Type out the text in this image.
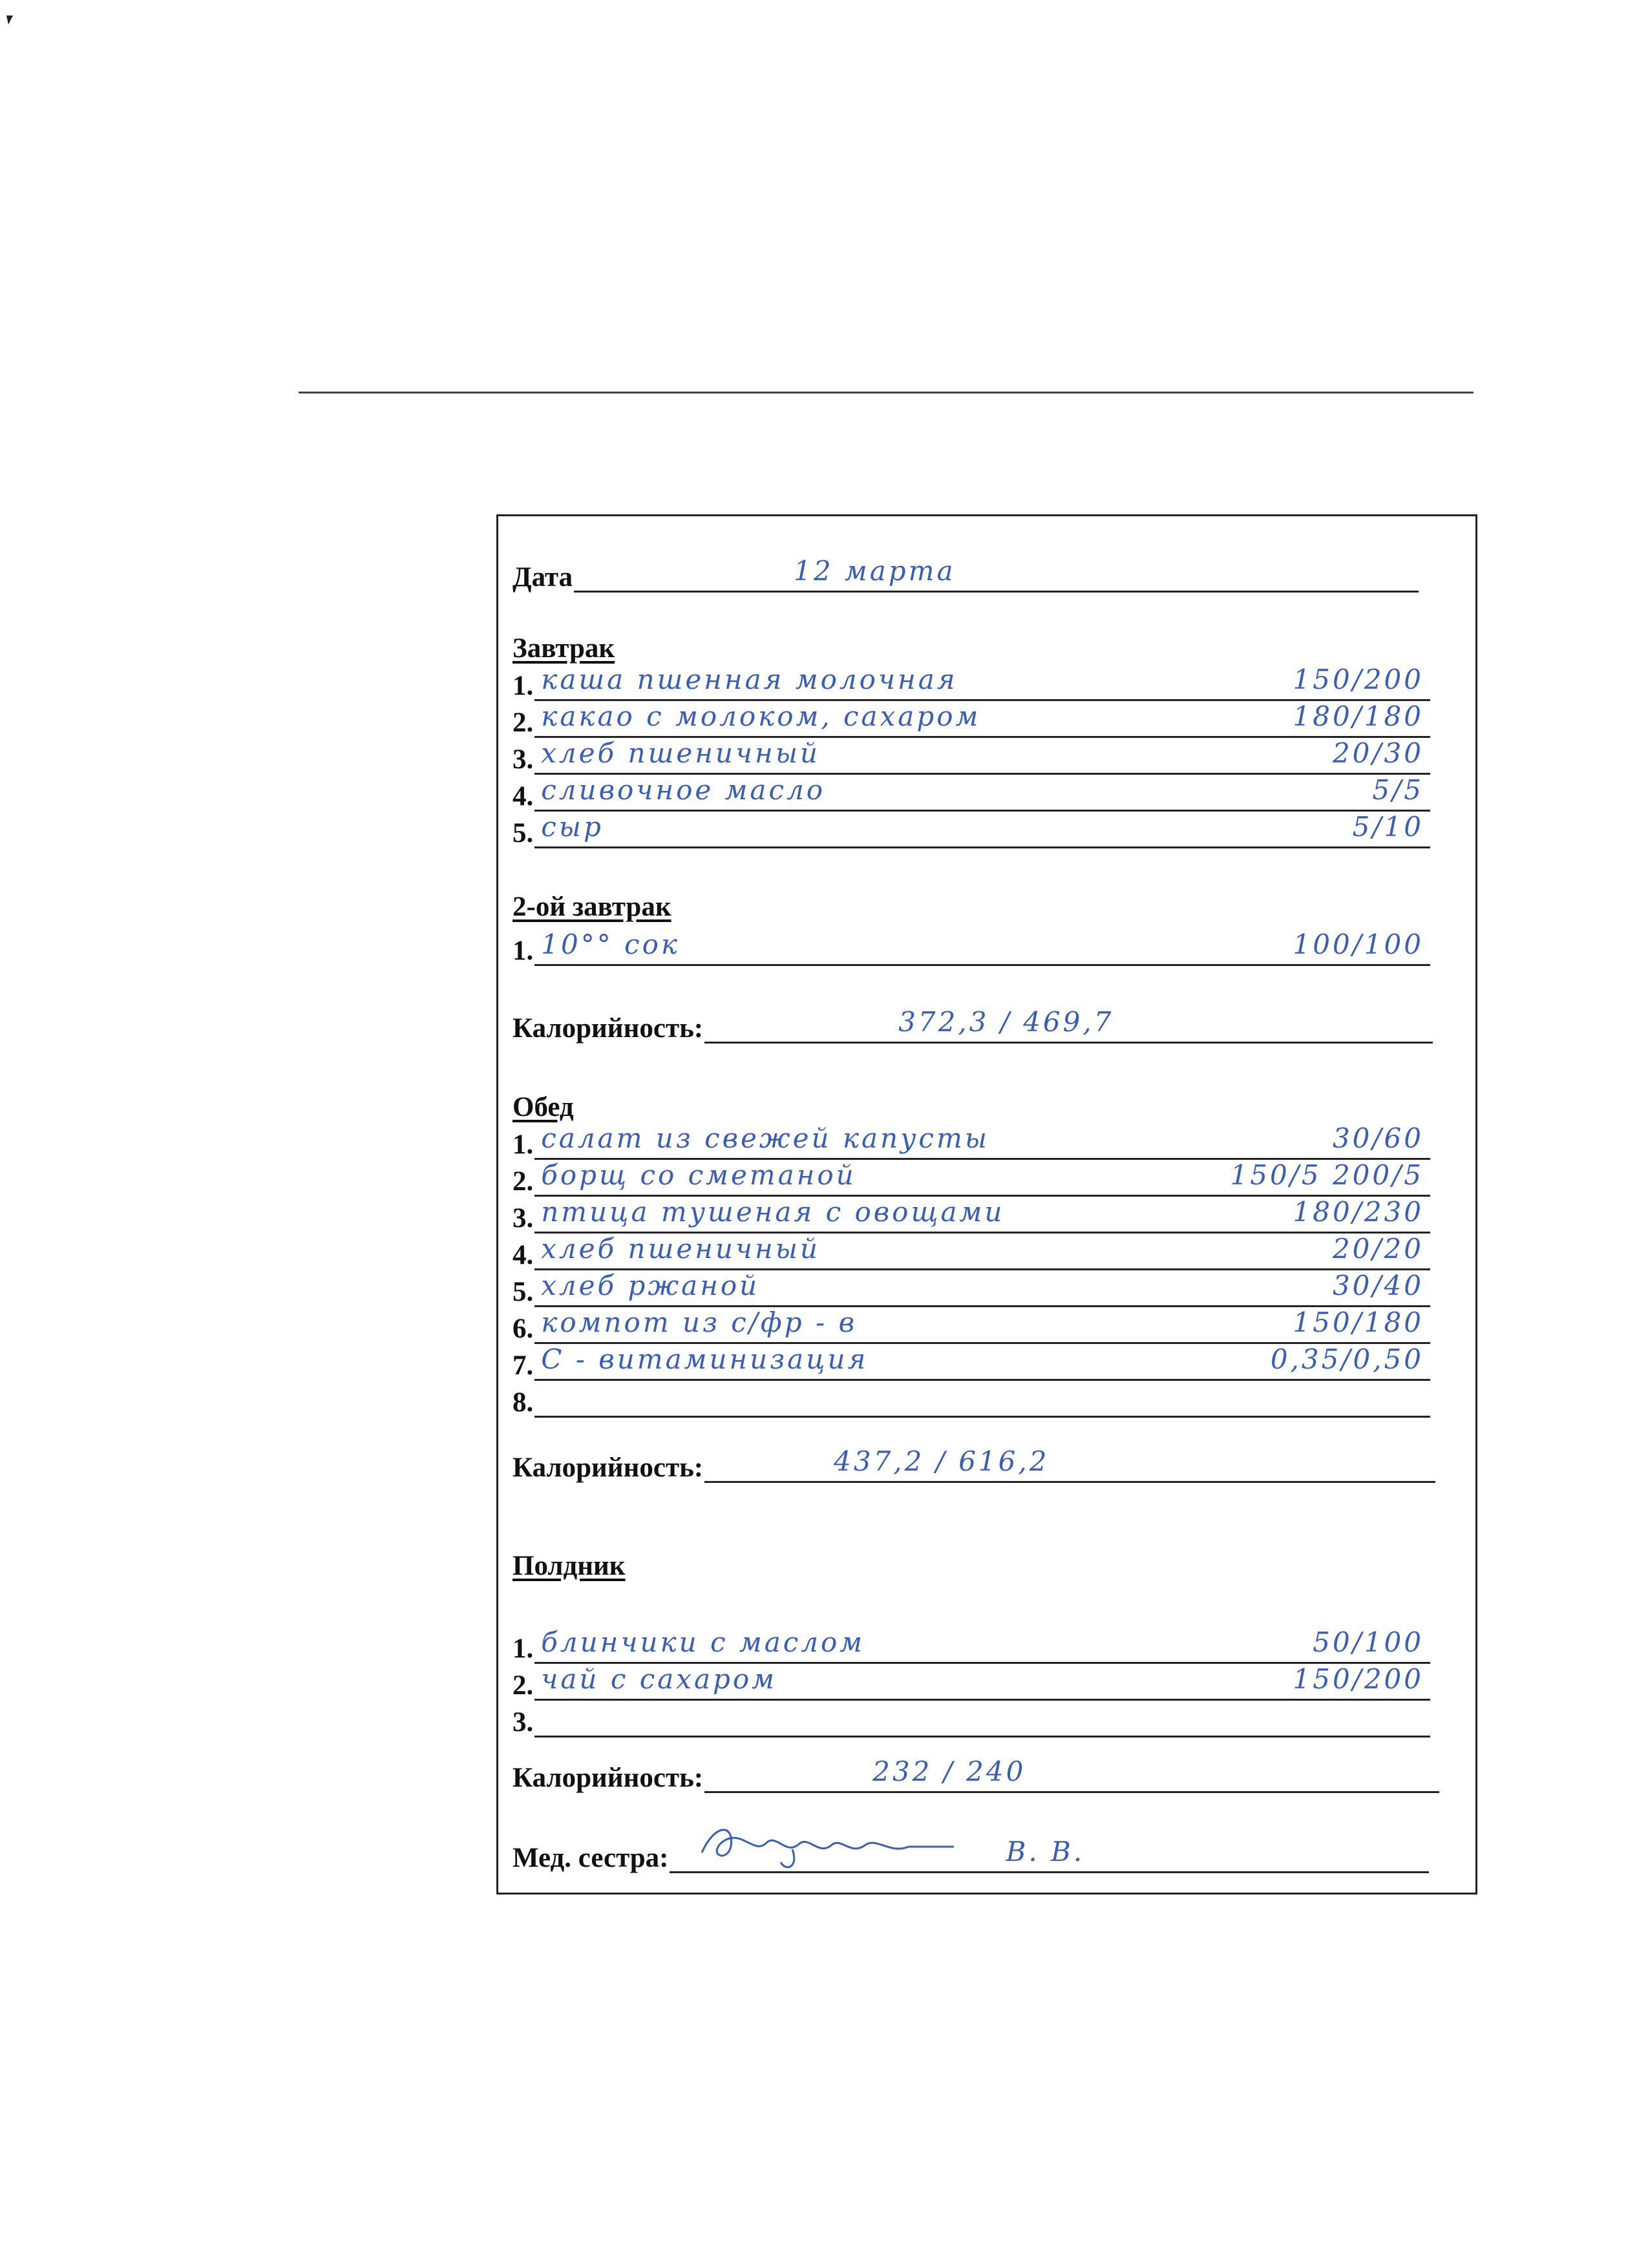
Дата	12 марта
Завтрак
1. каша пшенная молочная	150/200
2. какао с молоком, сахаром	180/180
3. хлеб пшеничный	20/30
4. сливочное масло	5/5
5. сыр	5/10
2-ой завтрак
1. 10°° сок	100/100
Калорийность:	372,3 / 469,7
Обед
1. салат из свежей капусты	30/60
2. борщ со сметаной	150/5 200/5
3. птица тушеная с овощами	180/230
4. хлеб пшеничный	20/20
5. хлеб ржаной	30/40
6. компот из с/фр - в	150/180
7. С - витаминизация	0,35/0,50
8.
Калорийность:	437,2 / 616,2
Полдник
1. блинчики с маслом	50/100
2. чай с сахаром	150/200
3.
Калорийность:	232 / 240
Мед. сестра:	В. В.
